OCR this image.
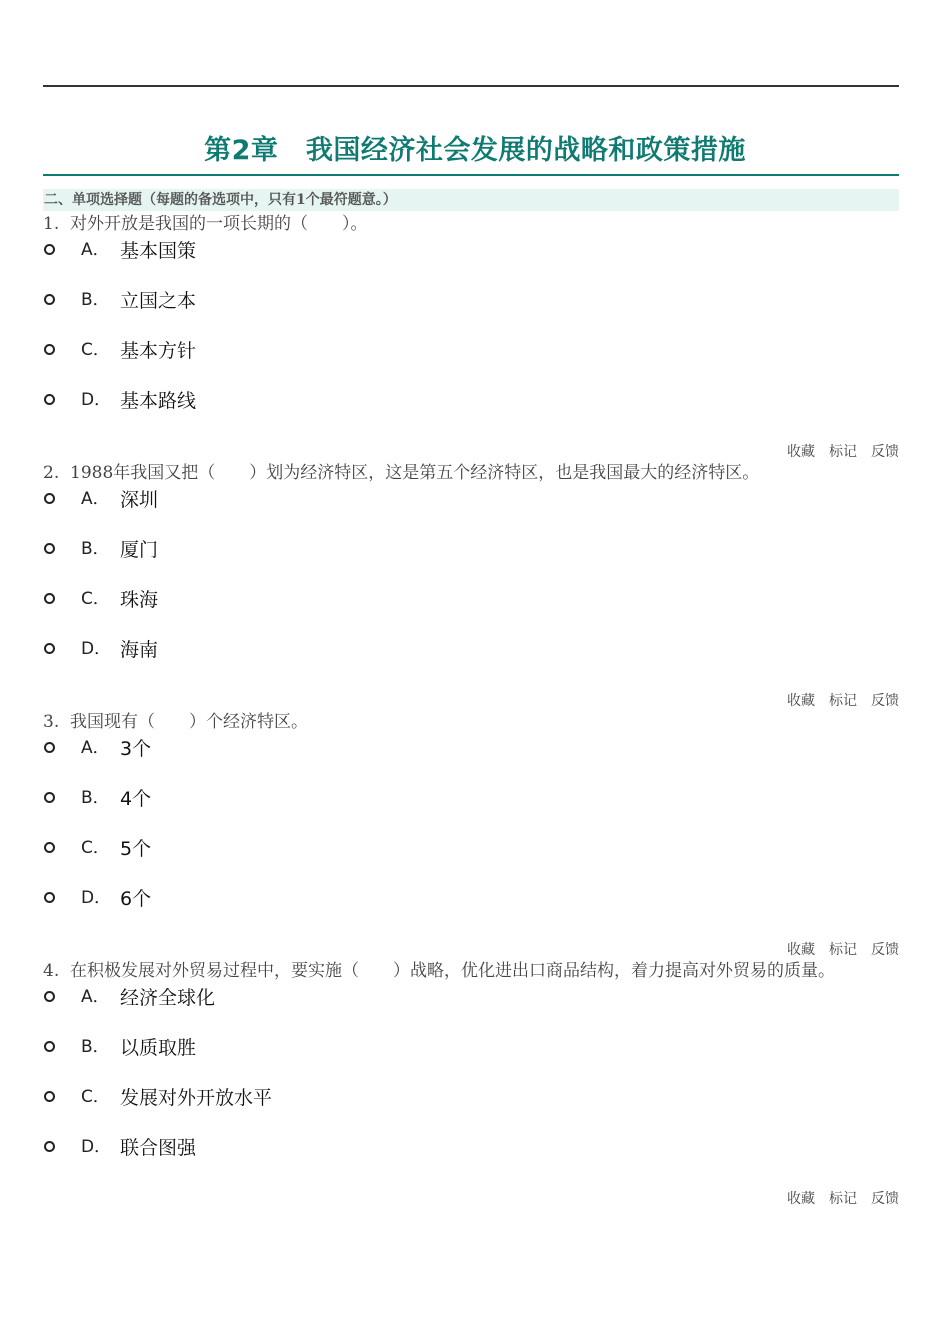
第2章　我国经济社会发展的战略和政策措施
二、单项选择题（每题的备选项中，只有1个最符题意。）
1.  对外开放是我国的一项长期的（　　）。
A． 基本国策
B． 立国之本
C． 基本方针
D． 基本路线
收藏 标记 反馈
2.  1988年我国又把（　　）划为经济特区，这是第五个经济特区，也是我国最大的经济特区。
A． 深圳
B． 厦门
C． 珠海
D． 海南
收藏 标记 反馈
3.  我国现有（　　）个经济特区。
A． 3个
B． 4个
C． 5个
D． 6个
收藏 标记 反馈
4.  在积极发展对外贸易过程中，要实施（　　）战略，优化进出口商品结构，着力提高对外贸易的质量。
A． 经济全球化
B． 以质取胜
C． 发展对外开放水平
D． 联合图强
收藏 标记 反馈
